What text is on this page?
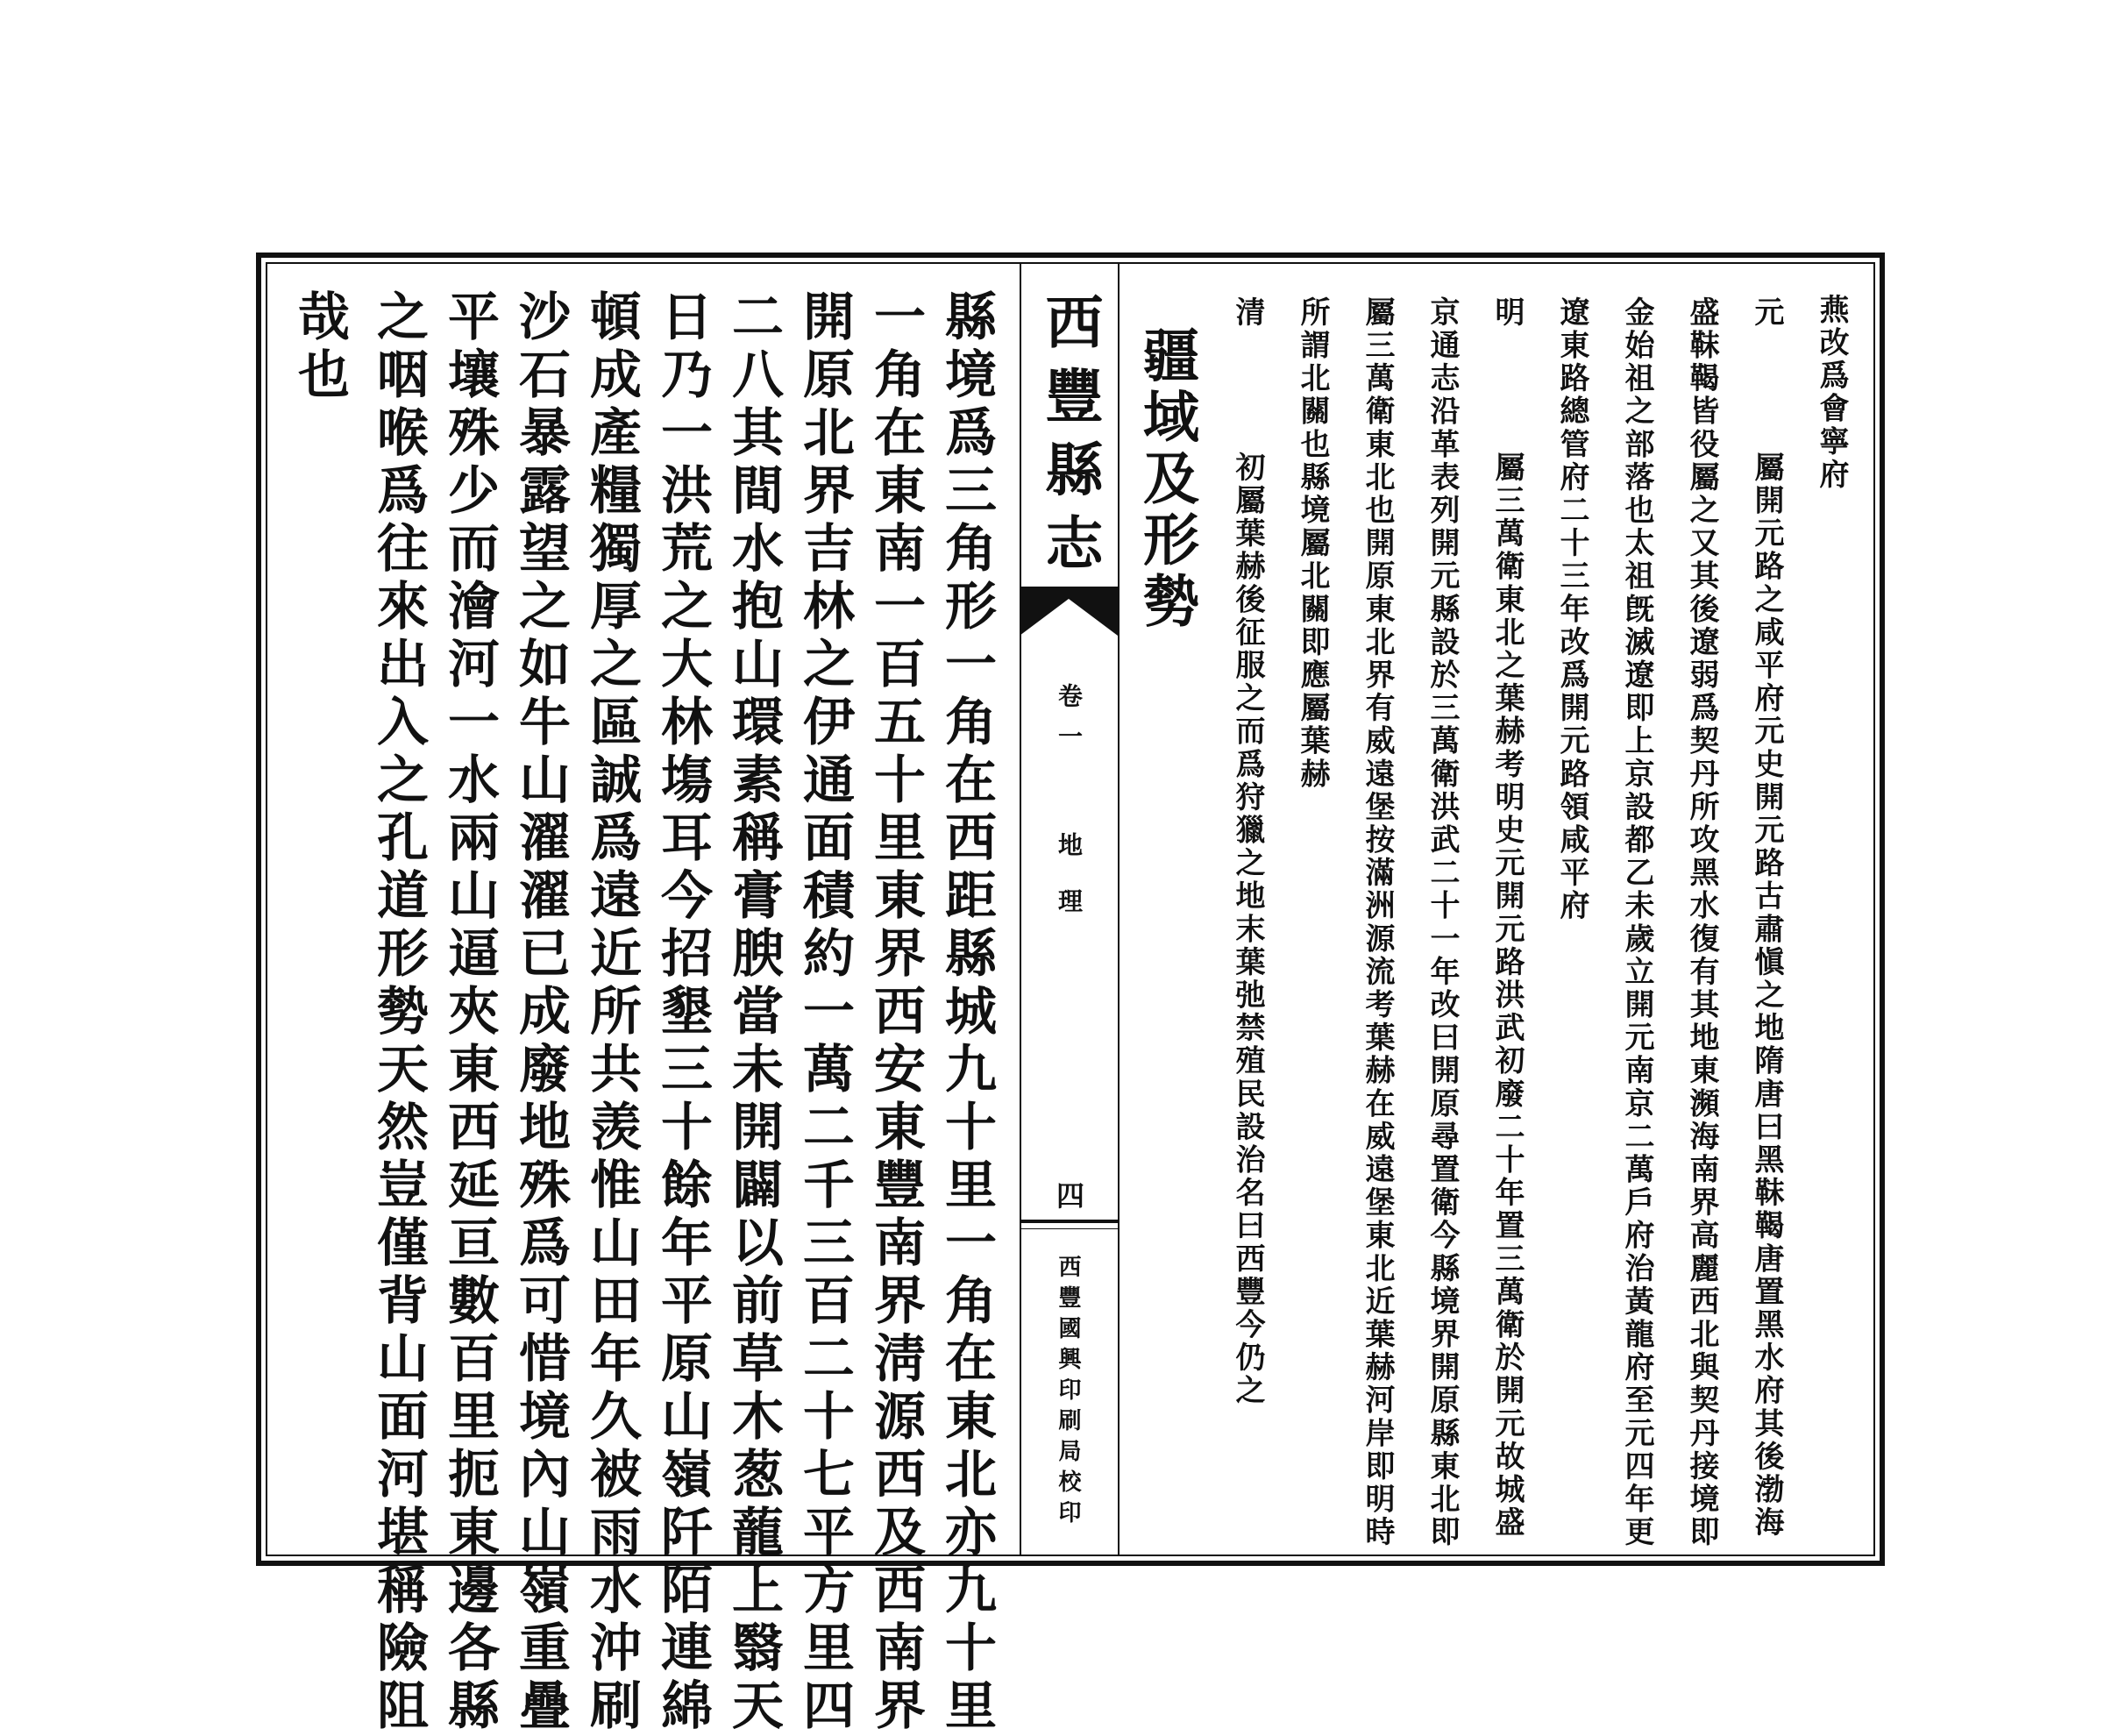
燕改爲會寧府
元
屬開元路之咸平府元史開元路古肅愼之地隋唐曰黑靺鞨唐置黑水府其後渤海
盛靺鞨皆役屬之又其後遼弱爲契丹所攻黑水復有其地東瀕海南界高麗西北與契丹接境即
金始祖之部落也太祖旣滅遼即上京設都乙未歲立開元南京二萬戶府治黃龍府至元四年更
遼東路總管府二十三年改爲開元路領咸平府
明
屬三萬衛東北之葉赫考明史元開元路洪武初廢二十年置三萬衛於開元故城盛
京通志沿革表列開元縣設於三萬衛洪武二十一年改曰開原尋置衛今縣境界開原縣東北即
屬三萬衛東北也開原東北界有威遠堡按滿洲源流考葉赫在威遠堡東北近葉赫河岸即明時
所謂北關也縣境屬北關即應屬葉赫
清
初屬葉赫後征服之而爲狩獵之地末葉弛禁殖民設治名曰西豐今仍之
疆域及形勢
西豐縣志
卷一
地理
四
西豐國興印刷局校印
縣境爲三角形一角在西距縣城九十里一角在東北亦九十里
一角在東南一百五十里東界西安東豐南界淸源西及西南界
開原北界吉林之伊通面積約一萬二千三百二十七平方里四
二八其間水抱山環素稱膏腴當未開闢以前草木葱蘢上翳天
日乃一洪荒之大林塲耳今招墾三十餘年平原山嶺阡陌連綿
頓成產糧獨厚之區誠爲遠近所共羡惟山田年久被雨水沖刷
沙石暴露望之如牛山濯濯已成廢地殊爲可惜境內山嶺重疊
平壤殊少而澮河一水兩山逼夾東西延亘數百里扼東邊各縣
之咽喉爲往來出入之孔道形勢天然豈僅背山面河堪稱險阻
哉也
